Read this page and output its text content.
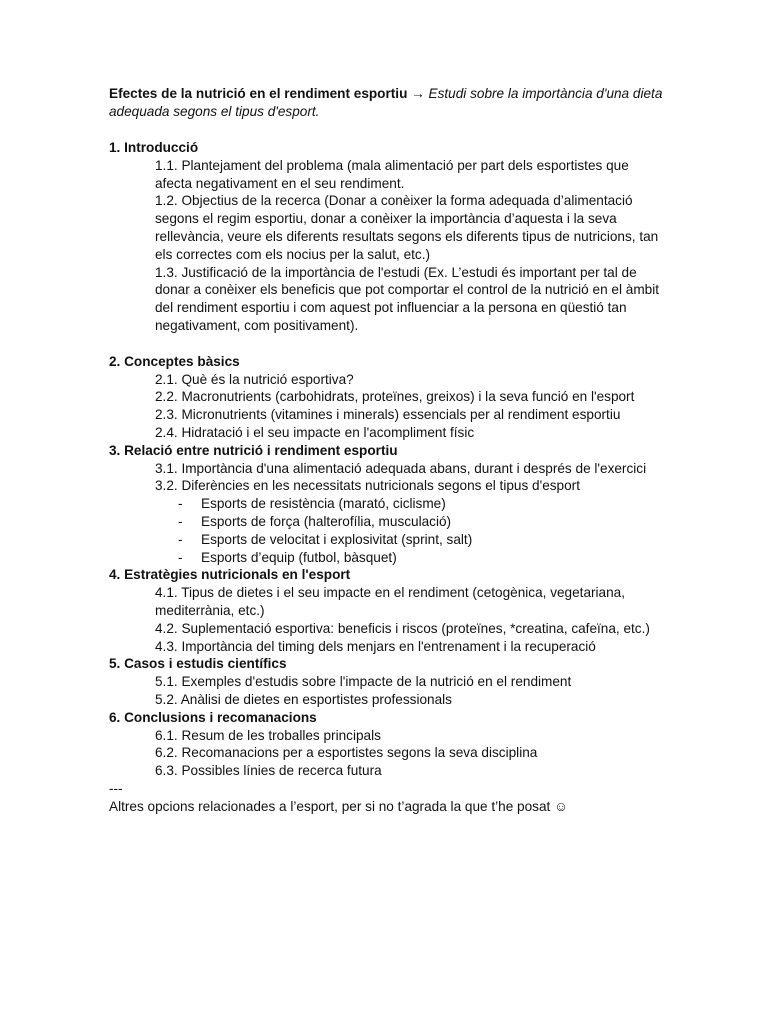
Efectes de la nutrició en el rendiment esportiu → Estudi sobre la importància d'una dieta adequada segons el tipus d'esport.
1. Introducció
1.1. Plantejament del problema (mala alimentació per part dels esportistes que afecta negativament en el seu rendiment.
1.2. Objectius de la recerca (Donar a conèixer la forma adequada d’alimentació segons el regim esportiu, donar a conèixer la importància d’aquesta i la seva rellevància, veure els diferents resultats segons els diferents tipus de nutricions, tan els correctes com els nocius per la salut, etc.)
1.3. Justificació de la importància de l'estudi (Ex. L’estudi és important per tal de donar a conèixer els beneficis que pot comportar el control de la nutrició en el àmbit del rendiment esportiu i com aquest pot influenciar a la persona en qüestió tan negativament, com positivament).
2. Conceptes bàsics
2.1. Què és la nutrició esportiva?
2.2. Macronutrients (carbohidrats, proteïnes, greixos) i la seva funció en l'esport
2.3. Micronutrients (vitamines i minerals) essencials per al rendiment esportiu
2.4. Hidratació i el seu impacte en l'acompliment físic
3. Relació entre nutrició i rendiment esportiu
3.1. Importància d'una alimentació adequada abans, durant i després de l'exercici
3.2. Diferències en les necessitats nutricionals segons el tipus d'esport
- Esports de resistència (marató, ciclisme)
- Esports de força (halterofília, musculació)
- Esports de velocitat i explosivitat (sprint, salt)
- Esports d’equip (futbol, bàsquet)
4. Estratègies nutricionals en l'esport
4.1. Tipus de dietes i el seu impacte en el rendiment (cetogènica, vegetariana, mediterrània, etc.)
4.2. Suplementació esportiva: beneficis i riscos (proteïnes, *creatina, cafeïna, etc.)
4.3. Importància del timing dels menjars en l'entrenament i la recuperació
5. Casos i estudis científics
5.1. Exemples d'estudis sobre l'impacte de la nutrició en el rendiment
5.2. Anàlisi de dietes en esportistes professionals
6. Conclusions i recomanacions
6.1. Resum de les troballes principals
6.2. Recomanacions per a esportistes segons la seva disciplina
6.3. Possibles línies de recerca futura
---
Altres opcions relacionades a l’esport, per si no t’agrada la que t’he posat ☺
